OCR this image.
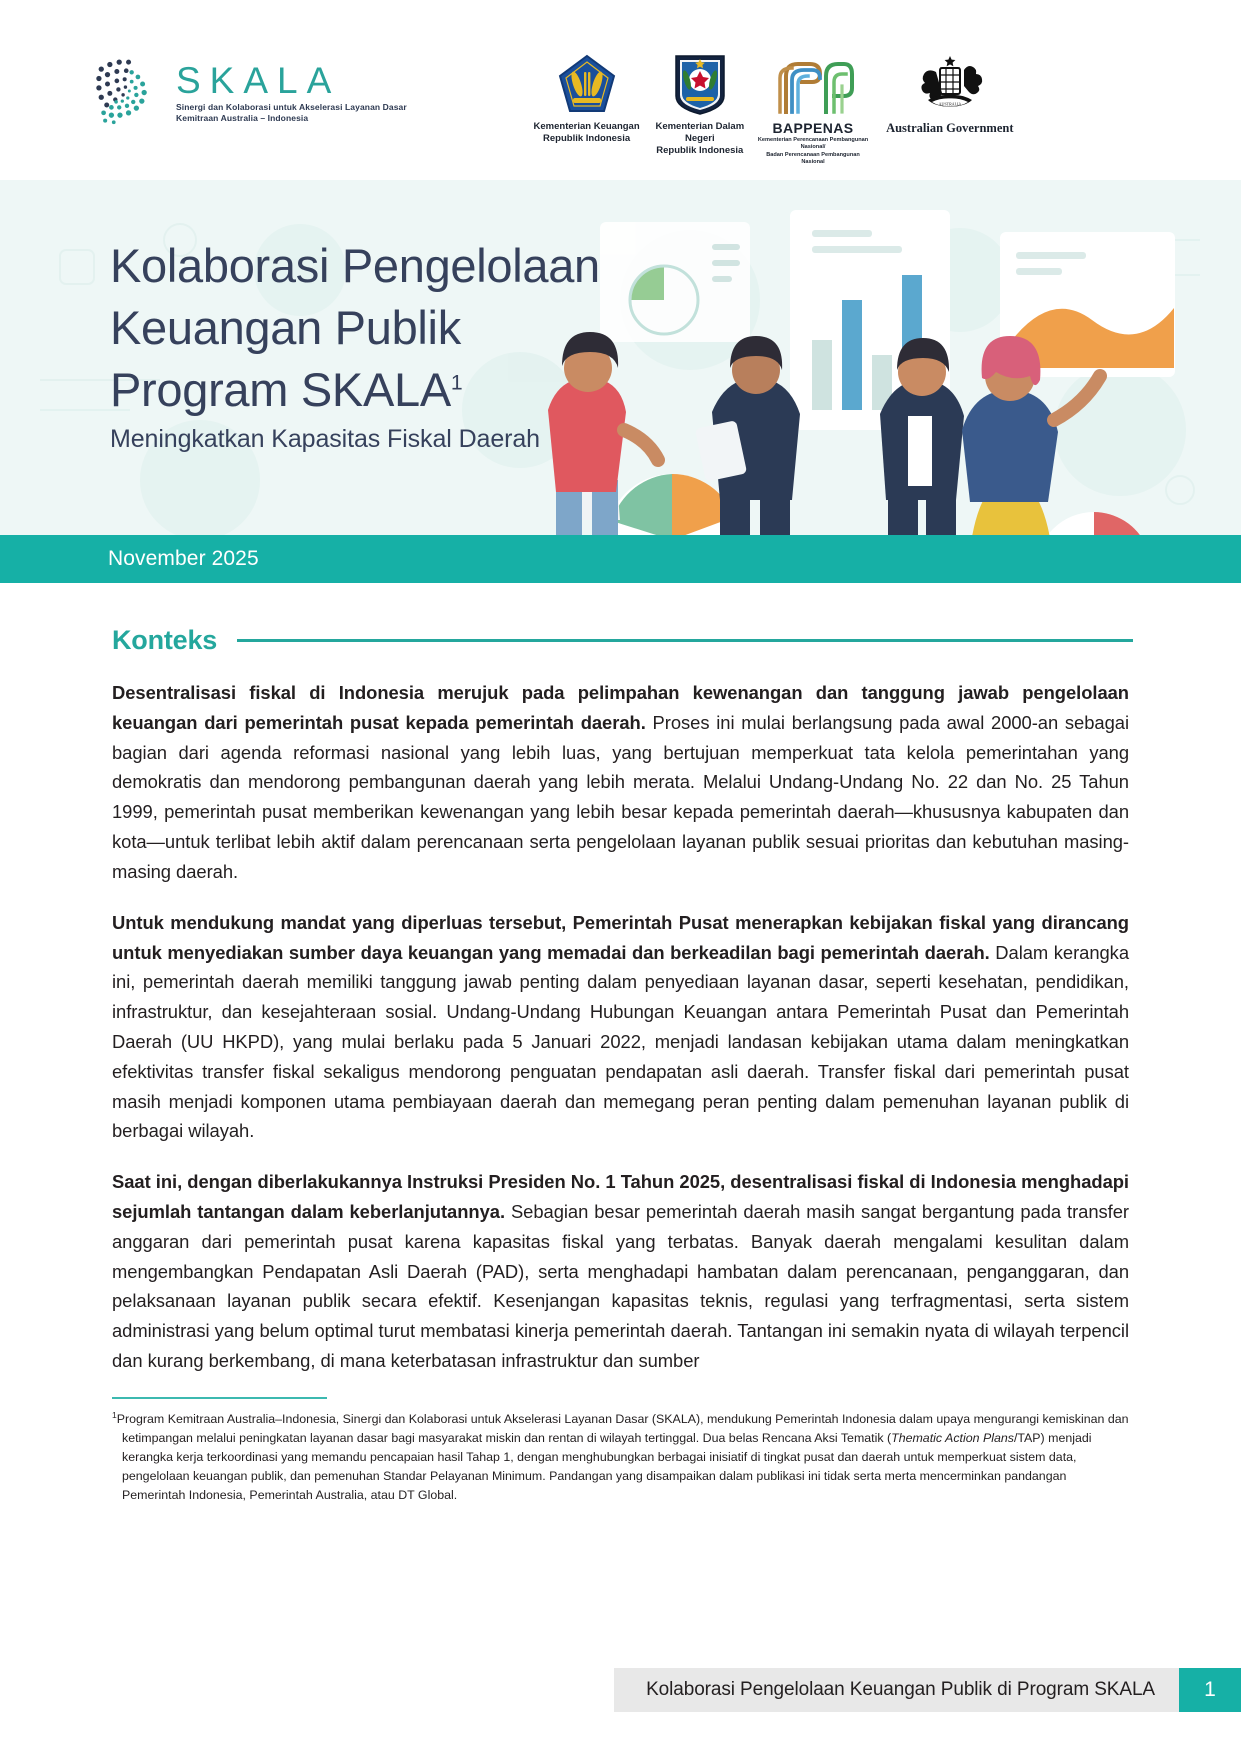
SKALA
Sinergi dan Kolaborasi untuk Akselerasi Layanan Dasar
Kemitraan Australia – Indonesia
Kementerian Keuangan
Republik Indonesia
Kementerian Dalam Negeri
Republik Indonesia
BAPPENAS
Kementerian Perencanaan Pembangunan Nasional/
Badan Perencanaan Pembangunan Nasional
AUSTRALIA
Australian Government
Kolaborasi Pengelolaan
Keuangan Publik
Program SKALA$^1$
Meningkatkan Kapasitas Fiskal Daerah
November 2025
Konteks

Desentralisasi fiskal di Indonesia merujuk pada pelimpahan kewenangan dan tanggung jawab pengelolaan keuangan dari pemerintah pusat kepada pemerintah daerah. Proses ini mulai berlangsung pada awal 2000-an sebagai bagian dari agenda reformasi nasional yang lebih luas, yang bertujuan memperkuat tata kelola pemerintahan yang demokratis dan mendorong pembangunan daerah yang lebih merata. Melalui Undang-Undang No. 22 dan No. 25 Tahun 1999, pemerintah pusat memberikan kewenangan yang lebih besar kepada pemerintah daerah—khususnya kabupaten dan kota—untuk terlibat lebih aktif dalam perencanaan serta pengelolaan layanan publik sesuai prioritas dan kebutuhan masing-masing daerah.

Untuk mendukung mandat yang diperluas tersebut, Pemerintah Pusat menerapkan kebijakan fiskal yang dirancang untuk menyediakan sumber daya keuangan yang memadai dan berkeadilan bagi pemerintah daerah. Dalam kerangka ini, pemerintah daerah memiliki tanggung jawab penting dalam penyediaan layanan dasar, seperti kesehatan, pendidikan, infrastruktur, dan kesejahteraan sosial. Undang-Undang Hubungan Keuangan antara Pemerintah Pusat dan Pemerintah Daerah (UU HKPD), yang mulai berlaku pada 5 Januari 2022, menjadi landasan kebijakan utama dalam meningkatkan efektivitas transfer fiskal sekaligus mendorong penguatan pendapatan asli daerah. Transfer fiskal dari pemerintah pusat masih menjadi komponen utama pembiayaan daerah dan memegang peran penting dalam pemenuhan layanan publik di berbagai wilayah.

Saat ini, dengan diberlakukannya Instruksi Presiden No. 1 Tahun 2025, desentralisasi fiskal di Indonesia menghadapi sejumlah tantangan dalam keberlanjutannya. Sebagian besar pemerintah daerah masih sangat bergantung pada transfer anggaran dari pemerintah pusat karena kapasitas fiskal yang terbatas. Banyak daerah mengalami kesulitan dalam mengembangkan Pendapatan Asli Daerah (PAD), serta menghadapi hambatan dalam perencanaan, penganggaran, dan pelaksanaan layanan publik secara efektif. Kesenjangan kapasitas teknis, regulasi yang terfragmentasi, serta sistem administrasi yang belum optimal turut membatasi kinerja pemerintah daerah. Tantangan ini semakin nyata di wilayah terpencil dan kurang berkembang, di mana keterbatasan infrastruktur dan sumber

$^1$Program Kemitraan Australia–Indonesia, Sinergi dan Kolaborasi untuk Akselerasi Layanan Dasar (SKALA), mendukung Pemerintah Indonesia dalam upaya mengurangi kemiskinan dan ketimpangan melalui peningkatan layanan dasar bagi masyarakat miskin dan rentan di wilayah tertinggal. Dua belas Rencana Aksi Tematik (Thematic Action Plans/TAP) menjadi kerangka kerja terkoordinasi yang memandu pencapaian hasil Tahap 1, dengan menghubungkan berbagai inisiatif di tingkat pusat dan daerah untuk memperkuat sistem data, pengelolaan keuangan publik, dan pemenuhan Standar Pelayanan Minimum. Pandangan yang disampaikan dalam publikasi ini tidak serta merta mencerminkan pandangan Pemerintah Indonesia, Pemerintah Australia, atau DT Global.
Kolaborasi Pengelolaan Keuangan Publik di Program SKALA	1
